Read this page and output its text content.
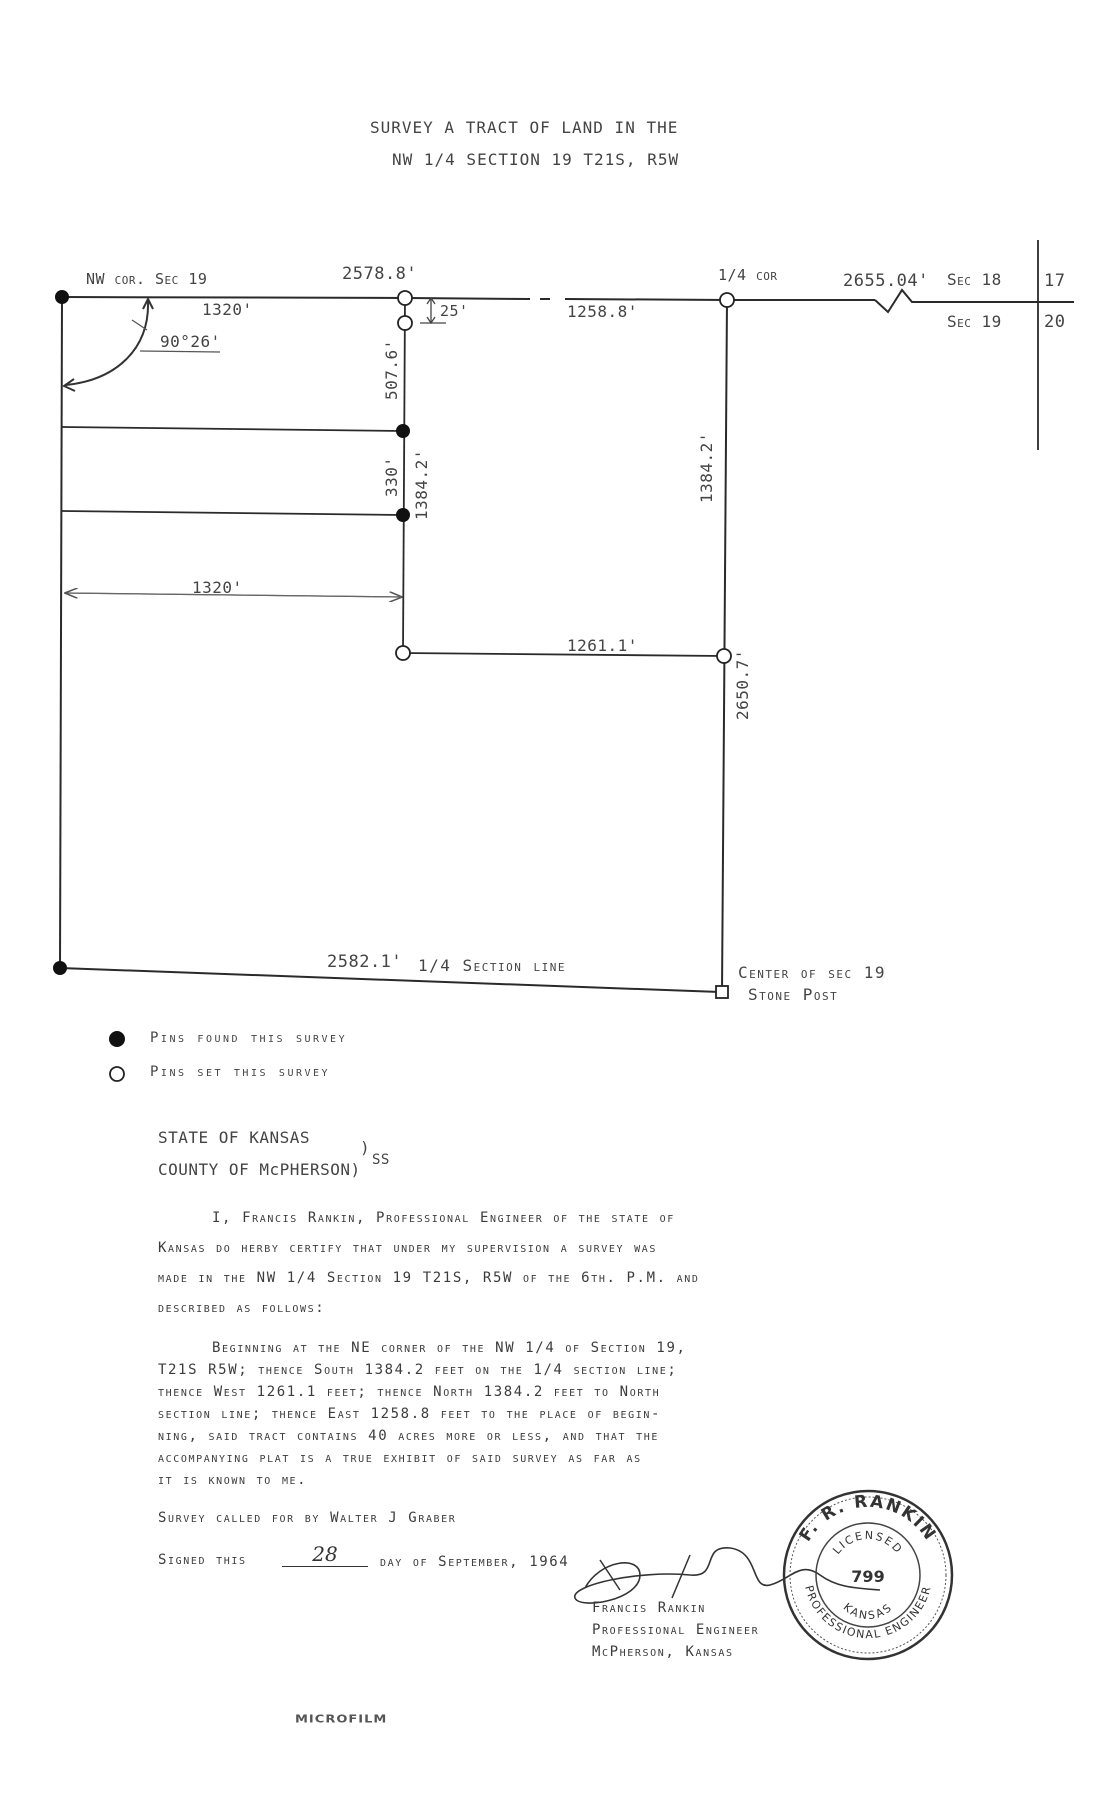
SURVEY A TRACT OF LAND IN THE
NW 1/4 SECTION 19 T21S, R5W
F. R. RANKIN
PROFESSIONAL ENGINEER
LICENSED
KANSAS
799
NW cor. Sec 19	2578.8'	1/4 cor	2655.04' Sec 18 17
Sec 19 20
1320'	25'	1258.8'
90°26'	507.6'
330' 1384.2'	1384.2'
2650.7'
1320'
1261.1'
2582.1' 1/4 Section line	Center of sec 19
Stone Post
Pins found this survey
Pins set this survey
STATE OF KANSAS
)
COUNTY OF McPHERSON) SS
I, Francis Rankin, Professional Engineer of the state of
Kansas do herby certify that under my supervision a survey was
made in the NW 1/4 Section 19 T21S, R5W of the 6th. P.M. and
described as follows:
Beginning at the NE corner of the NW 1/4 of Section 19,
T21S R5W; thence South 1384.2 feet on the 1/4 section line;
thence West 1261.1 feet; thence North 1384.2 feet to North
section line; thence East 1258.8 feet to the place of begin-
ning, said tract contains 40 acres more or less, and that the
accompanying plat is a true exhibit of said survey as far as
it is known to me.
Survey called for by Walter J Graber
Signed this	28	day of September, 1964
Francis Rankin
Professional Engineer
McPherson, Kansas
MICROFILM
